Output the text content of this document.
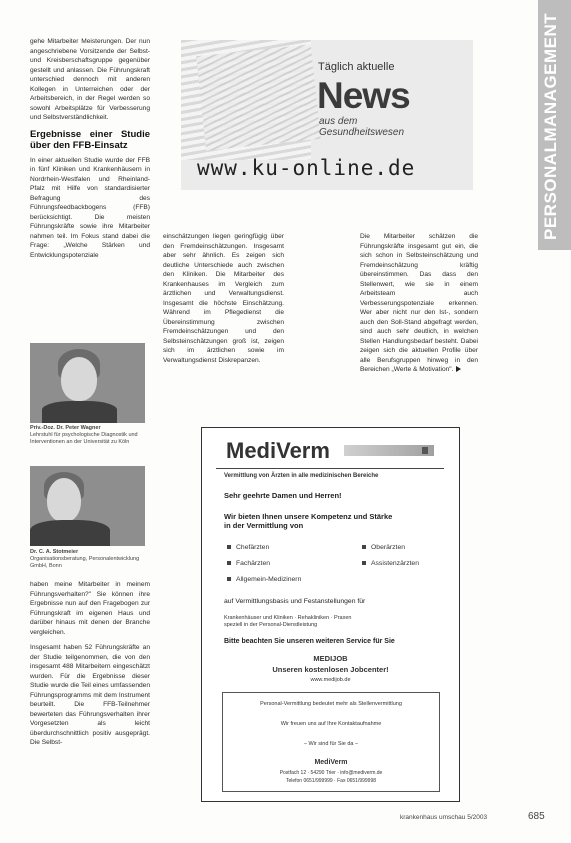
PERSONALMANAGEMENT

gehe Mitarbeiter Meisterungen. Der nun angeschriebene Vorsitzende der Selbst- und Kreisberschaftsgruppe gegenüber gestellt und anlassen. Die Führungskraft unterschied dennoch mit anderen Kollegen in Unterreichen oder der Arbeitsbereich, in der Regel werden so sowohl Arbeitsplätze für Verbesserung und Selbstverständlichkeit.

Ergebnisse einer Studie über den FFB-Einsatz

In einer aktuellen Studie wurde der FFB in fünf Kliniken und Krankenhäusern in Nordrhein-Westfalen und Rheinland-Pfalz mit Hilfe von standardisierter Befragung des Führungsfeedbackbogens (FFB) berücksichtigt. Die meisten Führungskräfte sowie ihre Mitarbeiter nahmen teil. Im Fokus stand dabei die Frage: „Welche Stärken und Entwicklungspotenziale

Priv.-Doz. Dr. Peter Wagner
Lehrstuhl für psychologische Diagnostik und Interventionen an der Universität zu Köln
Dr. C. A. Stotmeier
Organisationsberatung, Personalentwicklung GmbH, Bonn

haben meine Mitarbeiter in meinem Führungsverhalten?" Sie können ihre Ergebnisse nun auf den Fragebogen zur Führungskraft im eigenen Haus und darüber hinaus mit denen der Branche vergleichen.

Insgesamt haben 52 Führungskräfte an der Studie teilgenommen, die von den insgesamt 488 Mitarbeitern eingeschätzt wurden. Für die Ergebnisse dieser Studie wurde die Teil eines umfassenden Führungsprogramms mit dem Instrument beurteilt. Die FFB-Teilnehmer bewerteten das Führungsverhalten ihrer Vorgesetzten als leicht überdurchschnittlich positiv ausgeprägt. Die Selbst-

Täglich aktuelle
News
aus dem
Gesundheitswesen
www.ku-online.de

einschätzungen liegen geringfügig über den Fremdeinschätzungen. Insgesamt aber sehr ähnlich. Es zeigen sich deutliche Unterschiede auch zwischen den Kliniken. Die Mitarbeiter des Krankenhauses im Vergleich zum ärztlichen und Verwaltungsdienst. Insgesamt die höchste Einschätzung. Während im Pflegedienst die Übereinstimmung zwischen Fremdeinschätzungen und den Selbsteinschätzungen groß ist, zeigen sich im ärztlichen sowie im Verwaltungsdienst Diskrepanzen.

Die Mitarbeiter schätzen die Führungskräfte insgesamt gut ein, die sich schon in Selbsteinschätzung und Fremdeinschätzung kräftig übereinstimmen. Das dass den Stellenwert, wie sie in einem Arbeitsteam auch Verbesserungspotenziale erkennen. Wer aber nicht nur den Ist-, sondern auch den Soll-Stand abgefragt werden, sind auch sehr deutlich, in welchen Stellen Handlungsbedarf besteht. Dabei zeigen sich die aktuellen Profile über alle Berufsgruppen hinweg in den Bereichen „Werte & Motivation".

MediVerm
Vermittlung von Ärzten in alle medizinischen Bereiche
Sehr geehrte Damen und Herren!
Wir bieten Ihnen unsere Kompetenz und Stärke
in der Vermittlung von
Chefärzten	Oberärzten
Fachärzten	Assistenzärzten
Allgemein-Medizinern
auf Vermittlungsbasis und Festanstellungen für
Krankenhäuser und Kliniken · Rehakliniken · Praxen
speziell in der Personal-Dienstleistung
Bitte beachten Sie unseren weiteren Service für Sie
MEDIJOB
Unseren kostenlosen Jobcenter!
www.medijob.de
Personal-Vermittlung bedeutet mehr als Stellenvermittlung
Wir freuen uns auf Ihre Kontaktaufnahme
– Wir sind für Sie da –
MediVerm
Postfach 12 · 54290 Trier · info@mediverm.de
Telefon 0651/999999 · Fax 0651/999998
krankenhaus umschau 5/2003	685
